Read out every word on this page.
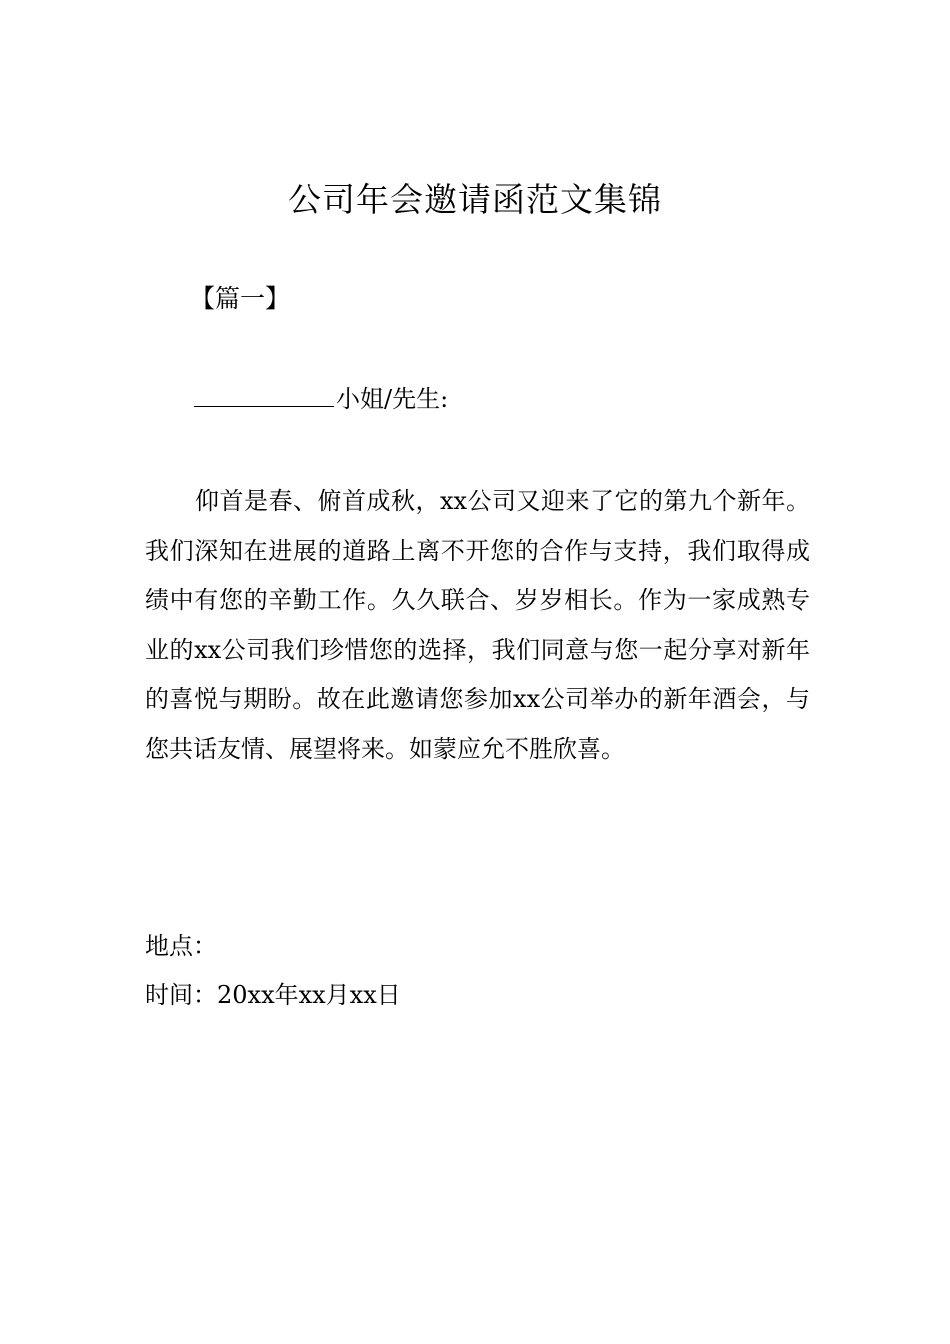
公司年会邀请函范文集锦

【篇一】

小姐/先生:

仰首是春、俯首成秋，xx公司又迎来了它的第九个新年。我们深知在进展的道路上离不开您的合作与支持，我们取得成绩中有您的辛勤工作。久久联合、岁岁相长。作为一家成熟专业的xx公司我们珍惜您的选择，我们同意与您一起分享对新年的喜悦与期盼。故在此邀请您参加xx公司举办的新年酒会，与您共话友情、展望将来。如蒙应允不胜欣喜。

地点：

时间：20xx年xx月xx日
